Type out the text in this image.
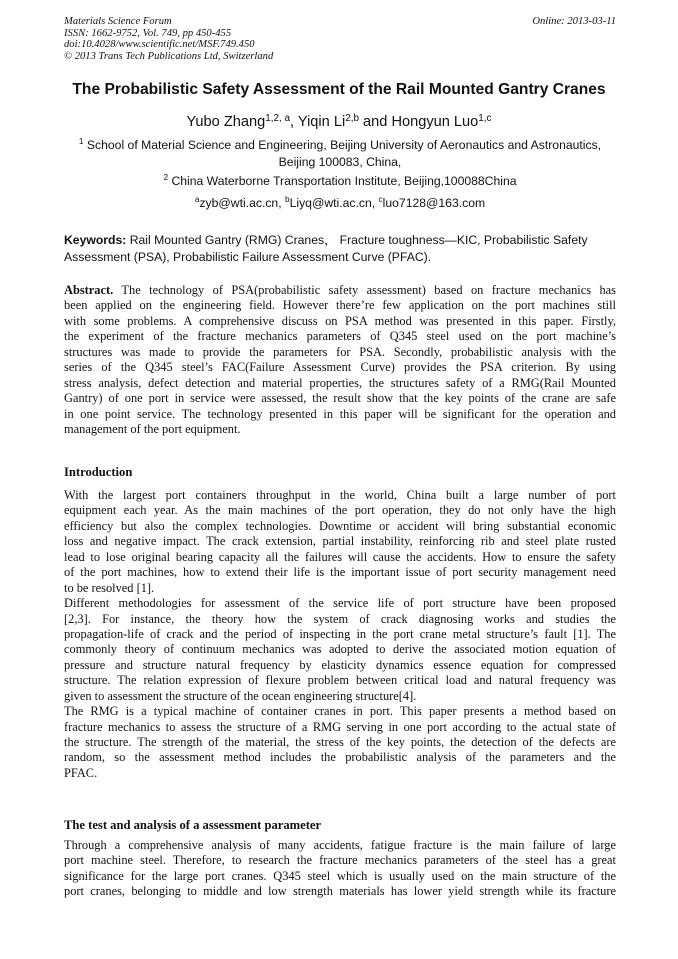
Materials Science Forum	Online: 2013-03-11
ISSN: 1662-9752, Vol. 749, pp 450-455
doi:10.4028/www.scientific.net/MSF.749.450
© 2013 Trans Tech Publications Ltd, Switzerland
The Probabilistic Safety Assessment of the Rail Mounted Gantry Cranes
Yubo Zhang$^{1,2, a}$, Yiqin Li$^{2,b}$ and Hongyun Luo$^{1,c}$
$^1$ School of Material Science and Engineering, Beijing University of Aeronautics and Astronautics,
Beijing 100083, China,
$^2$ China Waterborne Transportation Institute, Beijing,100088China
$^a$zyb@wti.ac.cn, $^b$Liyq@wti.ac.cn, $^c$luo7128@163.com
Keywords: Rail Mounted Gantry (RMG) Cranes， Fracture toughness—KIC, Probabilistic Safety
Assessment (PSA), Probabilistic Failure Assessment Curve (PFAC).
Abstract. The technology of PSA(probabilistic safety assessment) based on fracture mechanics has
been applied on the engineering field. However there’re few application on the port machines still
with some problems. A comprehensive discuss on PSA method was presented in this paper. Firstly,
the experiment of the fracture mechanics parameters of Q345 steel used on the port machine’s
structures was made to provide the parameters for PSA. Secondly, probabilistic analysis with the
series of the Q345 steel’s FAC(Failure Assessment Curve) provides the PSA criterion. By using
stress analysis, defect detection and material properties, the structures safety of a RMG(Rail Mounted
Gantry) of one port in service were assessed, the result show that the key points of the crane are safe
in one point service. The technology presented in this paper will be significant for the operation and
management of the port equipment.
Introduction
With the largest port containers throughput in the world, China built a large number of port
equipment each year. As the main machines of the port operation, they do not only have the high
efficiency but also the complex technologies. Downtime or accident will bring substantial economic
loss and negative impact. The crack extension, partial instability, reinforcing rib and steel plate rusted
lead to lose original bearing capacity all the failures will cause the accidents. How to ensure the safety
of the port machines, how to extend their life is the important issue of port security management need
to be resolved [1].
Different methodologies for assessment of the service life of port structure have been proposed
[2,3]. For instance, the theory how the system of crack diagnosing works and studies the
propagation-life of crack and the period of inspecting in the port crane metal structure’s fault [1]. The
commonly theory of continuum mechanics was adopted to derive the associated motion equation of
pressure and structure natural frequency by elasticity dynamics essence equation for compressed
structure. The relation expression of flexure problem between critical load and natural frequency was
given to assessment the structure of the ocean engineering structure[4].
The RMG is a typical machine of container cranes in port. This paper presents a method based on
fracture mechanics to assess the structure of a RMG serving in one port according to the actual state of
the structure. The strength of the material, the stress of the key points, the detection of the defects are
random, so the assessment method includes the probabilistic analysis of the parameters and the
PFAC.
The test and analysis of a assessment parameter
Through a comprehensive analysis of many accidents, fatigue fracture is the main failure of large
port machine steel. Therefore, to research the fracture mechanics parameters of the steel has a great
significance for the large port cranes. Q345 steel which is usually used on the main structure of the
port cranes, belonging to middle and low strength materials has lower yield strength while its fracture
